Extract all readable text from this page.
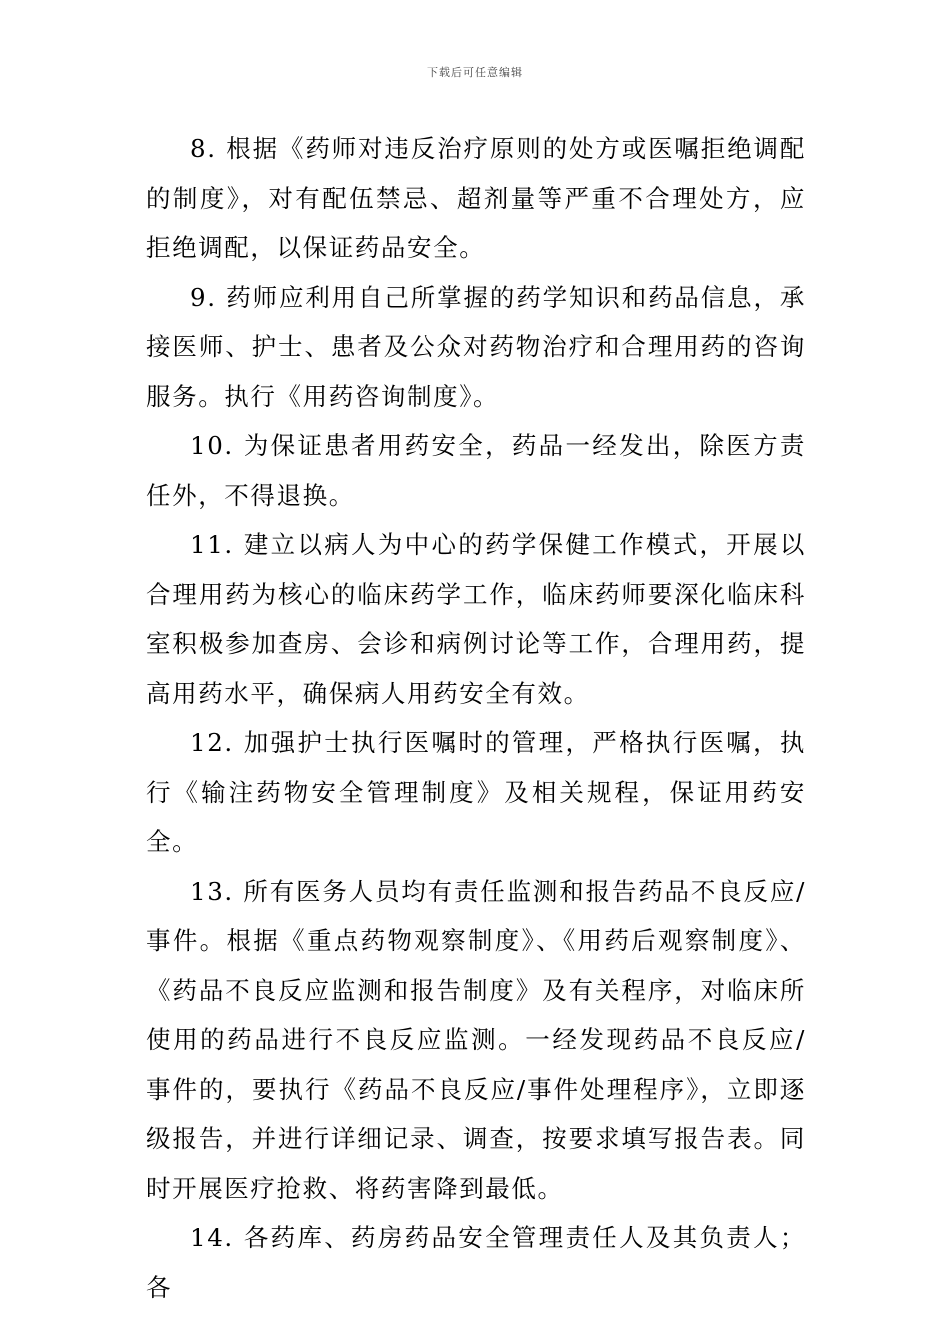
下载后可任意编辑

8. 根据《药师对违反治疗原则的处方或医嘱拒绝调配的制度》，对有配伍禁忌、超剂量等严重不合理处方，应拒绝调配，以保证药品安全。

9. 药师应利用自己所掌握的药学知识和药品信息，承接医师、护士、患者及公众对药物治疗和合理用药的咨询服务。执行《用药咨询制度》。

10. 为保证患者用药安全，药品一经发出，除医方责任外，不得退换。

11. 建立以病人为中心的药学保健工作模式，开展以合理用药为核心的临床药学工作，临床药师要深化临床科室积极参加查房、会诊和病例讨论等工作，合理用药，提高用药水平，确保病人用药安全有效。

12. 加强护士执行医嘱时的管理，严格执行医嘱，执行《输注药物安全管理制度》及相关规程，保证用药安全。

13. 所有医务人员均有责任监测和报告药品不良反应/事件。根据《重点药物观察制度》、《用药后观察制度》、《药品不良反应监测和报告制度》及有关程序，对临床所使用的药品进行不良反应监测。一经发现药品不良反应/事件的，要执行《药品不良反应/事件处理程序》，立即逐级报告，并进行详细记录、调查，按要求填写报告表。同时开展医疗抢救、将药害降到最低。

14. 各药库、药房药品安全管理责任人及其负责人；各
